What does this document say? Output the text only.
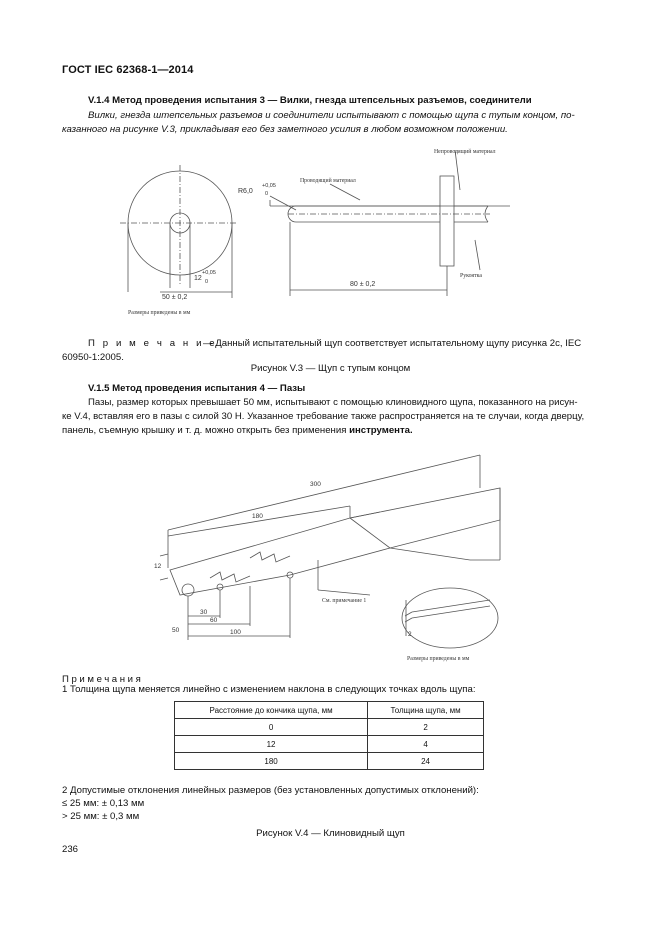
ГОСТ IEC 62368-1—2014
V.1.4 Метод проведения испытания 3 — Вилки, гнезда штепсельных разъемов, соединители
Вилки, гнезда штепсельных разъемов и соединители испытывают с помощью щупа с тупым концом, по-
казанного на рисунке V.3, прикладывая его без заметного усилия в любом возможном положении.
R6,0
+0,05
0
Проводящий материал
Непроводящий материал
Рукоятка
12
+0,05
0
50 ± 0,2
80 ± 0,2
Размеры приведены в мм
П р и м е ч а н и е
— Данный испытательный щуп соответствует испытательному щупу рисунка 2с, IEC
60950-1:2005.
Рисунок V.3 — Щуп с тупым концом
V.1.5 Метод проведения испытания 4 — Пазы
Пазы, размер которых превышает 50 мм, испытывают с помощью клиновидного щупа, показанного на рисун-
ке V.4, вставляя его в пазы с силой 30 Н. Указанное требование также распространяется на те случаи, когда дверцу,
панель, съемную крышку и т. д. можно открыть без применения инструмента.
300
180
12
30
60
100
50
2
См. примечание 1
Размеры приведены в мм
Примечания
1 Толщина щупа меняется линейно с изменением наклона в следующих точках вдоль щупа:
Расстояние до кончика щупа, мм	Толщина щупа, мм
0	2
12	4
180	24
2 Допустимые отклонения линейных размеров (без установленных допустимых отклонений):
≤ 25 мм: ± 0,13 мм
> 25 мм: ± 0,3 мм
Рисунок V.4 — Клиновидный щуп
236
